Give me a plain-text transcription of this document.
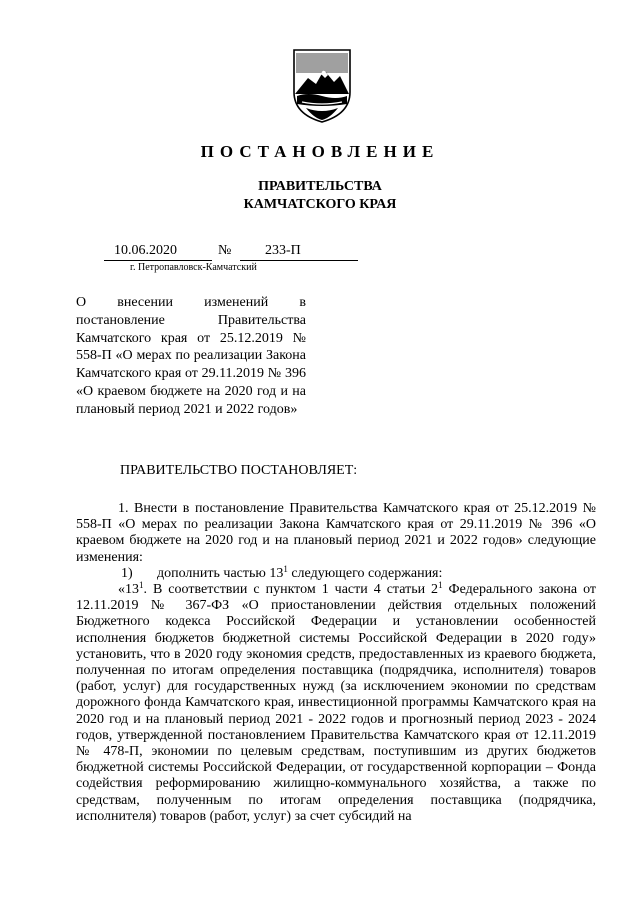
ПОСТАНОВЛЕНИЕ
ПРАВИТЕЛЬСТВА
КАМЧАТСКОГО КРАЯ
10.06.2020	№ 233-П
г. Петропавловск-Камчатский
О внесении изменений в постановление Правительства Камчатского края от 25.12.2019 № 558-П «О мерах по реализации Закона Камчатского края от 29.11.2019 № 396 «О краевом бюджете на 2020 год и на плановый период 2021 и 2022 годов»
ПРАВИТЕЛЬСТВО ПОСТАНОВЛЯЕТ:

1. Внести в постановление Правительства Камчатского края от 25.12.2019 № 558-П «О мерах по реализации Закона Камчатского края от 29.11.2019 № 396 «О краевом бюджете на 2020 год и на плановый период 2021 и 2022 годов» следующие изменения:

1) дополнить частью $13^1$ следующего содержания:

«$13^1$. В соответствии с пунктом 1 части 4 статьи $2^1$ Федерального закона от 12.11.2019 № 367-ФЗ «О приостановлении действия отдельных положений Бюджетного кодекса Российской Федерации и установлении особенностей исполнения бюджетов бюджетной системы Российской Федерации в 2020 году» установить, что в 2020 году экономия средств, предоставленных из краевого бюджета, полученная по итогам определения поставщика (подрядчика, исполнителя) товаров (работ, услуг) для государственных нужд (за исключением экономии по средствам дорожного фонда Камчатского края, инвестиционной программы Камчатского края на 2020 год и на плановый период 2021 - 2022 годов и прогнозный период 2023 - 2024 годов, утвержденной постановлением Правительства Камчатского края от 12.11.2019 № 478-П, экономии по целевым средствам, поступившим из других бюджетов бюджетной системы Российской Федерации, от государственной корпорации – Фонда содействия реформированию жилищно-коммунального хозяйства, а также по средствам, полученным по итогам определения поставщика (подрядчика, исполнителя) товаров (работ, услуг) за счет субсидий на
